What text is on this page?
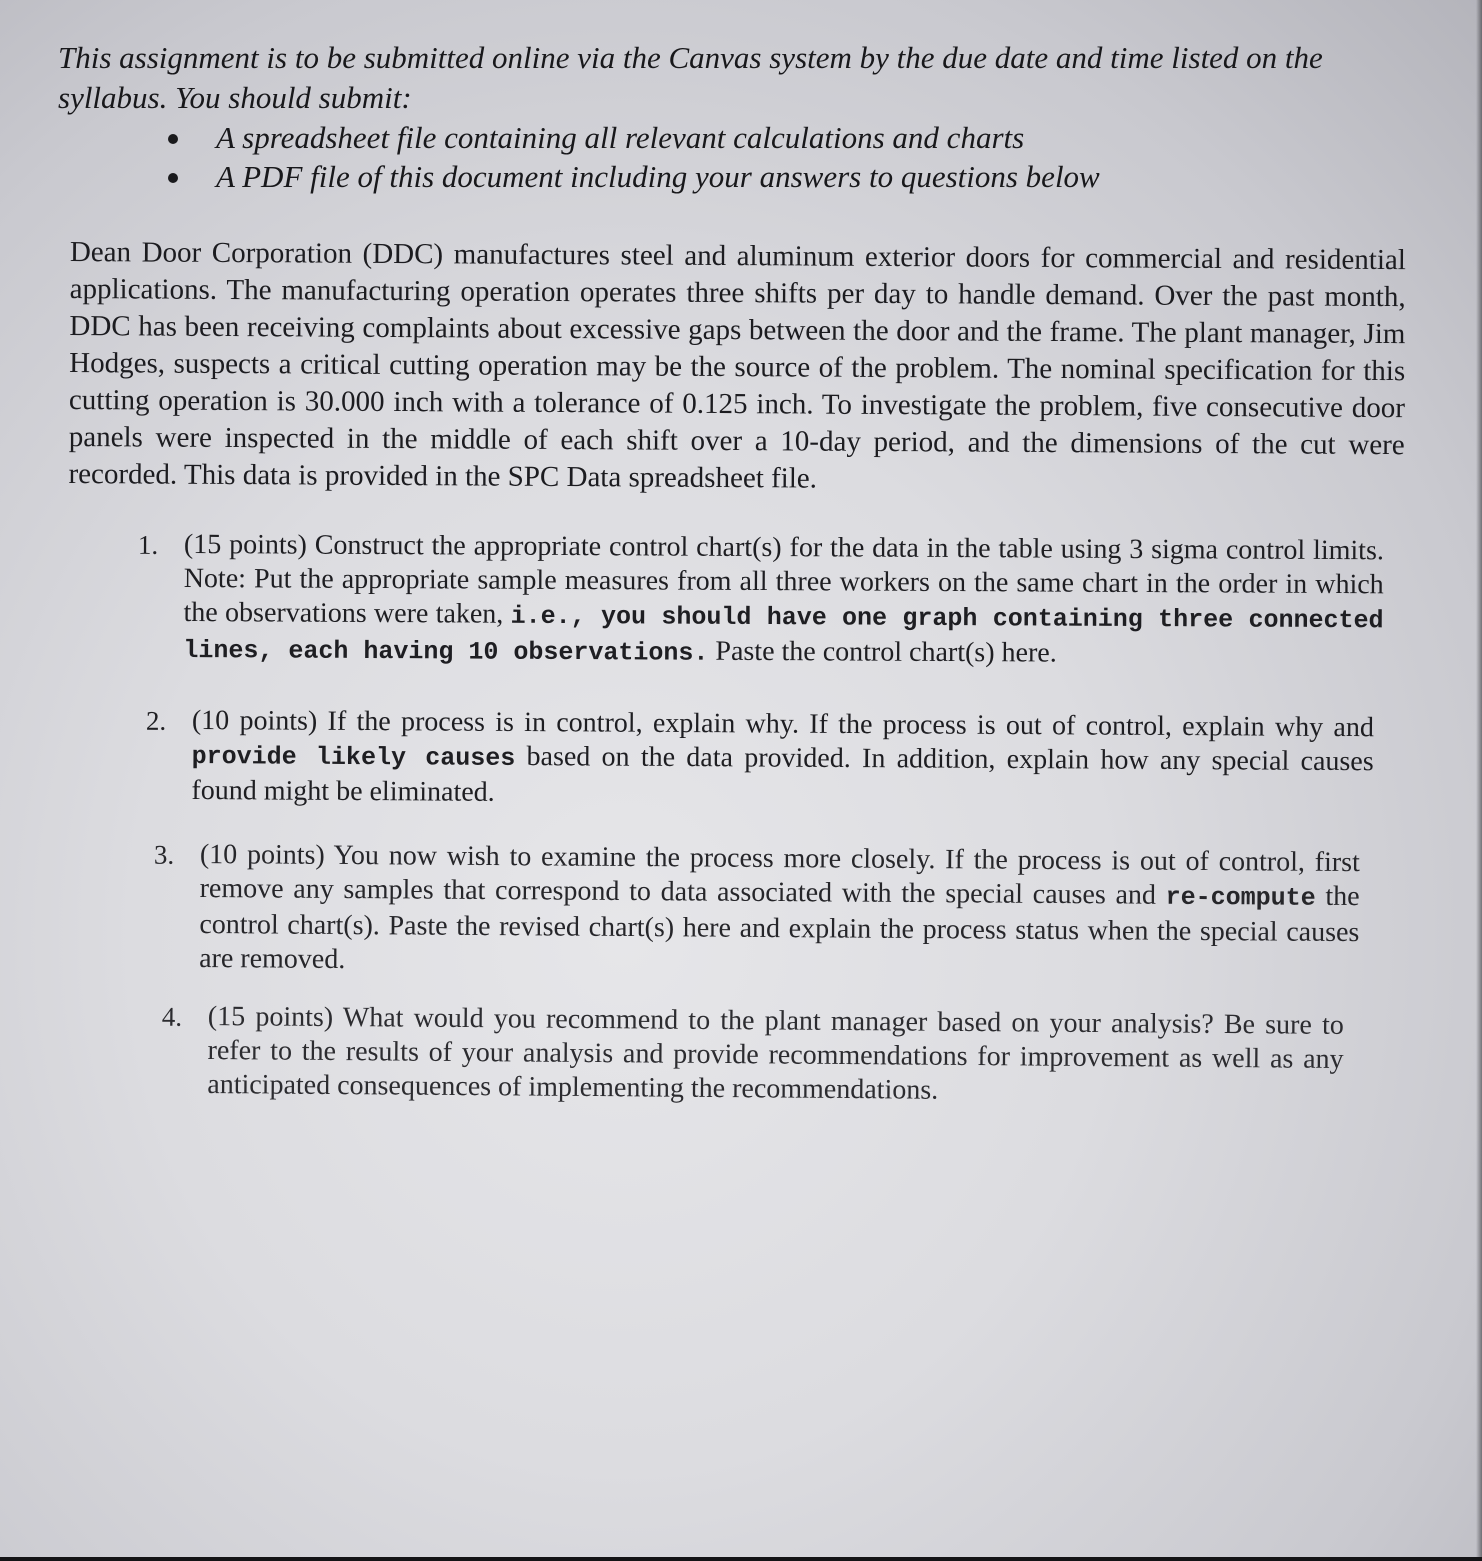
This assignment is to be submitted online via the Canvas system by the due date and time listed on the syllabus. You should submit:
A spreadsheet file containing all relevant calculations and charts
A PDF file of this document including your answers to questions below
Dean Door Corporation (DDC) manufactures steel and aluminum exterior doors for commercial and residential applications. The manufacturing operation operates three shifts per day to handle demand. Over the past month, DDC has been receiving complaints about excessive gaps between the door and the frame. The plant manager, Jim Hodges, suspects a critical cutting operation may be the source of the problem. The nominal specification for this cutting operation is 30.000 inch with a tolerance of 0.125 inch. To investigate the problem, five consecutive door panels were inspected in the middle of each shift over a 10-day period, and the dimensions of the cut were recorded. This data is provided in the SPC Data spreadsheet file.
1. (15 points) Construct the appropriate control chart(s) for the data in the table using 3 sigma control limits. Note: Put the appropriate sample measures from all three workers on the same chart in the order in which the observations were taken, i.e., you should have one graph containing three connected lines, each having 10 observations. Paste the control chart(s) here.
2. (10 points) If the process is in control, explain why. If the process is out of control, explain why and provide likely causes based on the data provided. In addition, explain how any special causes found might be eliminated.
3. (10 points) You now wish to examine the process more closely. If the process is out of control, first remove any samples that correspond to data associated with the special causes and re-compute the control chart(s). Paste the revised chart(s) here and explain the process status when the special causes are removed.
4. (15 points) What would you recommend to the plant manager based on your analysis? Be sure to refer to the results of your analysis and provide recommendations for improvement as well as any anticipated consequences of implementing the recommendations.
